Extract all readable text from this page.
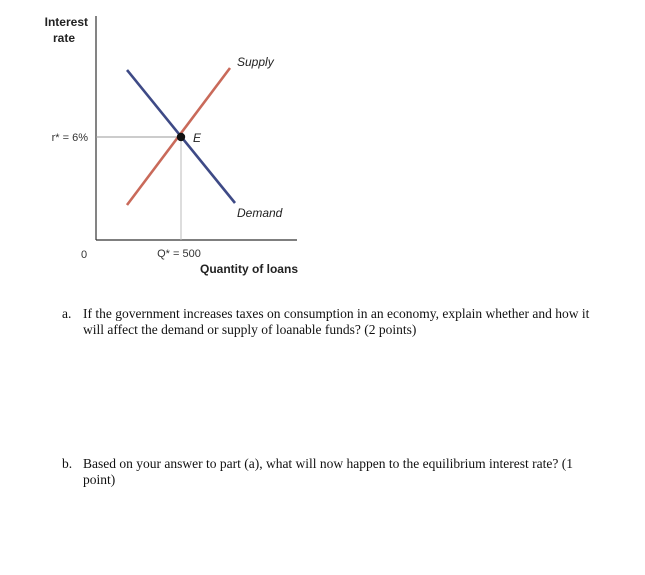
Interest
rate
E
Supply
Demand
r* = 6%
0	Q* = 500
Quantity of loans
a. If the government increases taxes on consumption in an economy, explain whether and how it will affect the demand or supply of loanable funds? (2 points)
b. Based on your answer to part (a), what will now happen to the equilibrium interest rate? (1 point)
